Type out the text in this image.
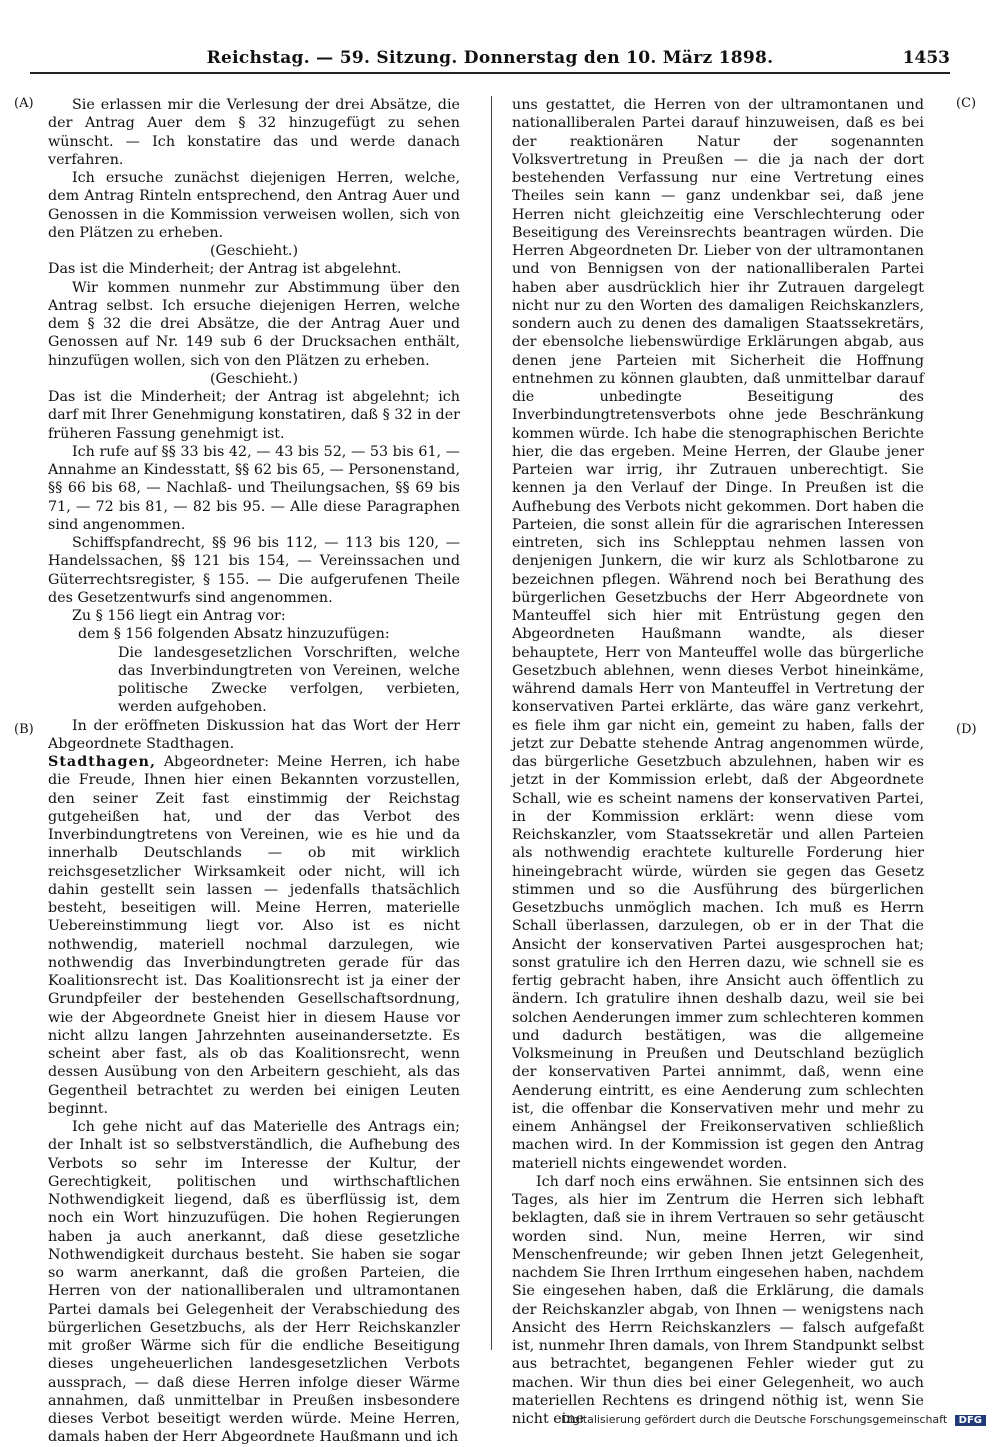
Reichstag. — 59. Sitzung. Donnerstag den 10. März 1898.	1453
(A)
(B)
(C)
(D)

Sie erlassen mir die Verlesung der drei Absätze, die der Antrag Auer dem § 32 hinzugefügt zu sehen wünscht. — Ich konstatire das und werde danach verfahren.

Ich ersuche zunächst diejenigen Herren, welche, dem Antrag Rinteln entsprechend, den Antrag Auer und Genossen in die Kommission verweisen wollen, sich von den Plätzen zu erheben.

(Geschieht.)

Das ist die Minderheit; der Antrag ist abgelehnt.

Wir kommen nunmehr zur Abstimmung über den Antrag selbst. Ich ersuche diejenigen Herren, welche dem § 32 die drei Absätze, die der Antrag Auer und Genossen auf Nr. 149 sub 6 der Drucksachen enthält, hinzufügen wollen, sich von den Plätzen zu erheben.

(Geschieht.)

Das ist die Minderheit; der Antrag ist abgelehnt; ich darf mit Ihrer Genehmigung konstatiren, daß § 32 in der früheren Fassung genehmigt ist.

Ich rufe auf §§ 33 bis 42, — 43 bis 52, — 53 bis 61, — Annahme an Kindesstatt, §§ 62 bis 65, — Personenstand, §§ 66 bis 68, — Nachlaß- und Theilungsachen, §§ 69 bis 71, — 72 bis 81, — 82 bis 95. — Alle diese Paragraphen sind angenommen.

Schiffspfandrecht, §§ 96 bis 112, — 113 bis 120, — Handelssachen, §§ 121 bis 154, — Vereinssachen und Güterrechtsregister, § 155. — Die aufgerufenen Theile des Gesetzentwurfs sind angenommen.

Zu § 156 liegt ein Antrag vor:

dem § 156 folgenden Absatz hinzuzufügen:

Die landesgesetzlichen Vorschriften, welche das Inverbindungtreten von Vereinen, welche politische Zwecke verfolgen, verbieten, werden aufgehoben.

In der eröffneten Diskussion hat das Wort der Herr Abgeordnete Stadthagen.

Stadthagen, Abgeordneter: Meine Herren, ich habe die Freude, Ihnen hier einen Bekannten vorzustellen, den seiner Zeit fast einstimmig der Reichstag gutgeheißen hat, und der das Verbot des Inverbindungtretens von Vereinen, wie es hie und da innerhalb Deutschlands — ob mit wirklich reichsgesetzlicher Wirksamkeit oder nicht, will ich dahin gestellt sein lassen — jedenfalls thatsächlich besteht, beseitigen will. Meine Herren, materielle Uebereinstimmung liegt vor. Also ist es nicht nothwendig, materiell nochmal darzulegen, wie nothwendig das Inverbindungtreten gerade für das Koalitionsrecht ist. Das Koalitionsrecht ist ja einer der Grundpfeiler der bestehenden Gesellschaftsordnung, wie der Abgeordnete Gneist hier in diesem Hause vor nicht allzu langen Jahrzehnten auseinandersetzte. Es scheint aber fast, als ob das Koalitionsrecht, wenn dessen Ausübung von den Arbeitern geschieht, als das Gegentheil betrachtet zu werden bei einigen Leuten beginnt.

Ich gehe nicht auf das Materielle des Antrags ein; der Inhalt ist so selbstverständlich, die Aufhebung des Verbots so sehr im Interesse der Kultur, der Gerechtigkeit, politischen und wirthschaftlichen Nothwendigkeit liegend, daß es überflüssig ist, dem noch ein Wort hinzuzufügen. Die hohen Regierungen haben ja auch anerkannt, daß diese gesetzliche Nothwendigkeit durchaus besteht. Sie haben sie sogar so warm anerkannt, daß die großen Parteien, die Herren von der nationalliberalen und ultramontanen Partei damals bei Gelegenheit der Verabschiedung des bürgerlichen Gesetzbuchs, als der Herr Reichskanzler mit großer Wärme sich für die endliche Beseitigung dieses ungeheuerlichen landesgesetzlichen Verbots aussprach, — daß diese Herren infolge dieser Wärme annahmen, daß unmittelbar in Preußen insbesondere dieses Verbot beseitigt werden würde. Meine Herren, damals haben der Herr Abgeordnete Haußmann und ich

uns gestattet, die Herren von der ultramontanen und nationalliberalen Partei darauf hinzuweisen, daß es bei der reaktionären Natur der sogenannten Volksvertretung in Preußen — die ja nach der dort bestehenden Verfassung nur eine Vertretung eines Theiles sein kann — ganz undenkbar sei, daß jene Herren nicht gleichzeitig eine Verschlechterung oder Beseitigung des Vereinsrechts beantragen würden. Die Herren Abgeordneten Dr. Lieber von der ultramontanen und von Bennigsen von der nationalliberalen Partei haben aber ausdrücklich hier ihr Zutrauen dargelegt nicht nur zu den Worten des damaligen Reichskanzlers, sondern auch zu denen des damaligen Staatssekretärs, der ebensolche liebenswürdige Erklärungen abgab, aus denen jene Parteien mit Sicherheit die Hoffnung entnehmen zu können glaubten, daß unmittelbar darauf die unbedingte Beseitigung des Inverbindungtretensverbots ohne jede Beschränkung kommen würde. Ich habe die stenographischen Berichte hier, die das ergeben. Meine Herren, der Glaube jener Parteien war irrig, ihr Zutrauen unberechtigt. Sie kennen ja den Verlauf der Dinge. In Preußen ist die Aufhebung des Verbots nicht gekommen. Dort haben die Parteien, die sonst allein für die agrarischen Interessen eintreten, sich ins Schlepptau nehmen lassen von denjenigen Junkern, die wir kurz als Schlotbarone zu bezeichnen pflegen. Während noch bei Berathung des bürgerlichen Gesetzbuchs der Herr Abgeordnete von Manteuffel sich hier mit Entrüstung gegen den Abgeordneten Haußmann wandte, als dieser behauptete, Herr von Manteuffel wolle das bürgerliche Gesetzbuch ablehnen, wenn dieses Verbot hineinkäme, während damals Herr von Manteuffel in Vertretung der konservativen Partei erklärte, das wäre ganz verkehrt, es fiele ihm gar nicht ein, gemeint zu haben, falls der jetzt zur Debatte stehende Antrag angenommen würde, das bürgerliche Gesetzbuch abzulehnen, haben wir es jetzt in der Kommission erlebt, daß der Abgeordnete Schall, wie es scheint namens der konservativen Partei, in der Kommission erklärt: wenn diese vom Reichskanzler, vom Staatssekretär und allen Parteien als nothwendig erachtete kulturelle Forderung hier hineingebracht würde, würden sie gegen das Gesetz stimmen und so die Ausführung des bürgerlichen Gesetzbuchs unmöglich machen. Ich muß es Herrn Schall überlassen, darzulegen, ob er in der That die Ansicht der konservativen Partei ausgesprochen hat; sonst gratulire ich den Herren dazu, wie schnell sie es fertig gebracht haben, ihre Ansicht auch öffentlich zu ändern. Ich gratulire ihnen deshalb dazu, weil sie bei solchen Aenderungen immer zum schlechteren kommen und dadurch bestätigen, was die allgemeine Volksmeinung in Preußen und Deutschland bezüglich der konservativen Partei annimmt, daß, wenn eine Aenderung eintritt, es eine Aenderung zum schlechten ist, die offenbar die Konservativen mehr und mehr zu einem Anhängsel der Freikonservativen schließlich machen wird. In der Kommission ist gegen den Antrag materiell nichts eingewendet worden.

Ich darf noch eins erwähnen. Sie entsinnen sich des Tages, als hier im Zentrum die Herren sich lebhaft beklagten, daß sie in ihrem Vertrauen so sehr getäuscht worden sind. Nun, meine Herren, wir sind Menschenfreunde; wir geben Ihnen jetzt Gelegenheit, nachdem Sie Ihren Irrthum eingesehen haben, nachdem Sie eingesehen haben, daß die Erklärung, die damals der Reichskanzler abgab, von Ihnen — wenigstens nach Ansicht des Herrn Reichskanzlers — falsch aufgefaßt ist, nunmehr Ihren damals, von Ihrem Standpunkt selbst aus betrachtet, begangenen Fehler wieder gut zu machen. Wir thun dies bei einer Gelegenheit, wo auch materiellen Rechtens es dringend nöthig ist, wenn Sie nicht eine

Digitalisierung gefördert durch die Deutsche Forschungsgemeinschaft DFG
